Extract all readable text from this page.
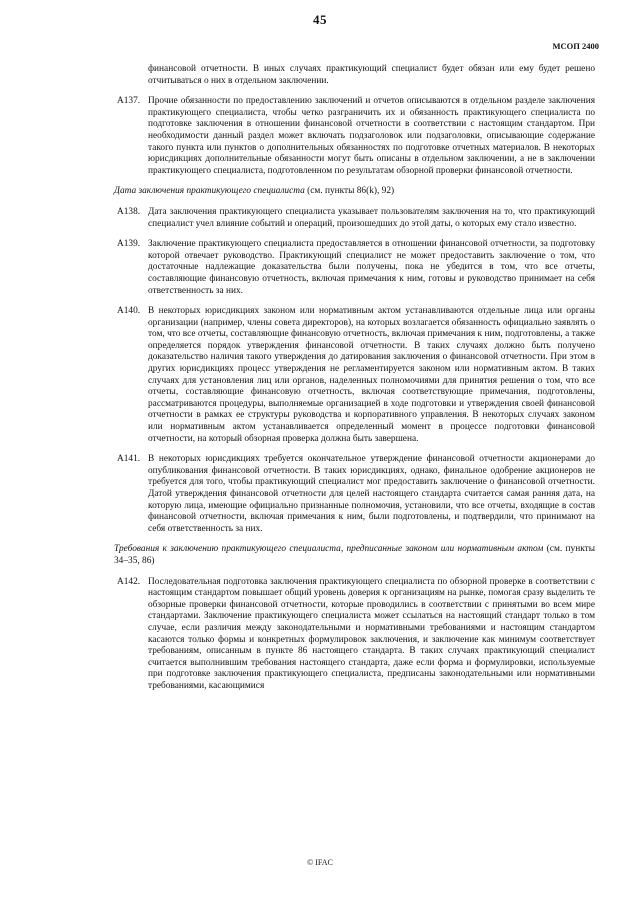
45
МСОП 2400

финансовой отчетности. В иных случаях практикующий специалист будет обязан или ему будет решено отчитываться о них в отдельном заключении.

A137. Прочие обязанности по предоставлению заключений и отчетов описываются в отдельном разделе заключения практикующего специалиста, чтобы четко разграничить их и обязанность практикующего специалиста по подготовке заключения в отношении финансовой отчетности в соответствии с настоящим стандартом. При необходимости данный раздел может включать подзаголовок или подзаголовки, описывающие содержание такого пункта или пунктов о дополнительных обязанностях по подготовке отчетных материалов. В некоторых юрисдикциях дополнительные обязанности могут быть описаны в отдельном заключении, а не в заключении практикующего специалиста, подготовленном по результатам обзорной проверки финансовой отчетности.
Дата заключения практикующего специалиста (см. пункты 86(k), 92)
A138. Дата заключения практикующего специалиста указывает пользователям заключения на то, что практикующий специалист учел влияние событий и операций, произошедших до этой даты, о которых ему стало известно.
A139. Заключение практикующего специалиста предоставляется в отношении финансовой отчетности, за подготовку которой отвечает руководство. Практикующий специалист не может предоставить заключение о том, что достаточные надлежащие доказательства были получены, пока не убедится в том, что все отчеты, составляющие финансовую отчетность, включая примечания к ним, готовы и руководство принимает на себя ответственность за них.
A140. В некоторых юрисдикциях законом или нормативным актом устанавливаются отдельные лица или органы организации (например, члены совета директоров), на которых возлагается обязанность официально заявлять о том, что все отчеты, составляющие финансовую отчетность, включая примечания к ним, подготовлены, а также определяется порядок утверждения финансовой отчетности. В таких случаях должно быть получено доказательство наличия такого утверждения до датирования заключения о финансовой отчетности. При этом в других юрисдикциях процесс утверждения не регламентируется законом или нормативным актом. В таких случаях для установления лиц или органов, наделенных полномочиями для принятия решения о том, что все отчеты, составляющие финансовую отчетность, включая соответствующие примечания, подготовлены, рассматриваются процедуры, выполняемые организацией в ходе подготовки и утверждения своей финансовой отчетности в рамках ее структуры руководства и корпоративного управления. В некоторых случаях законом или нормативным актом устанавливается определенный момент в процессе подготовки финансовой отчетности, на который обзорная проверка должна быть завершена.
A141. В некоторых юрисдикциях требуется окончательное утверждение финансовой отчетности акционерами до опубликования финансовой отчетности. В таких юрисдикциях, однако, финальное одобрение акционеров не требуется для того, чтобы практикующий специалист мог предоставить заключение о финансовой отчетности. Датой утверждения финансовой отчетности для целей настоящего стандарта считается самая ранняя дата, на которую лица, имеющие официально признанные полномочия, установили, что все отчеты, входящие в состав финансовой отчетности, включая примечания к ним, были подготовлены, и подтвердили, что принимают на себя ответственность за них.
Требования к заключению практикующего специалиста, предписанные законом или нормативным актом (см. пункты 34–35, 86)
A142. Последовательная подготовка заключения практикующего специалиста по обзорной проверке в соответствии с настоящим стандартом повышает общий уровень доверия к организациям на рынке, помогая сразу выделить те обзорные проверки финансовой отчетности, которые проводились в соответствии с принятыми во всем мире стандартами. Заключение практикующего специалиста может ссылаться на настоящий стандарт только в том случае, если различия между законодательными и нормативными требованиями и настоящим стандартом касаются только формы и конкретных формулировок заключения, и заключение как минимум соответствует требованиям, описанным в пункте 86 настоящего стандарта. В таких случаях практикующий специалист считается выполнившим требования настоящего стандарта, даже если форма и формулировки, используемые при подготовке заключения практикующего специалиста, предписаны законодательными или нормативными требованиями, касающимися
© IFAC
